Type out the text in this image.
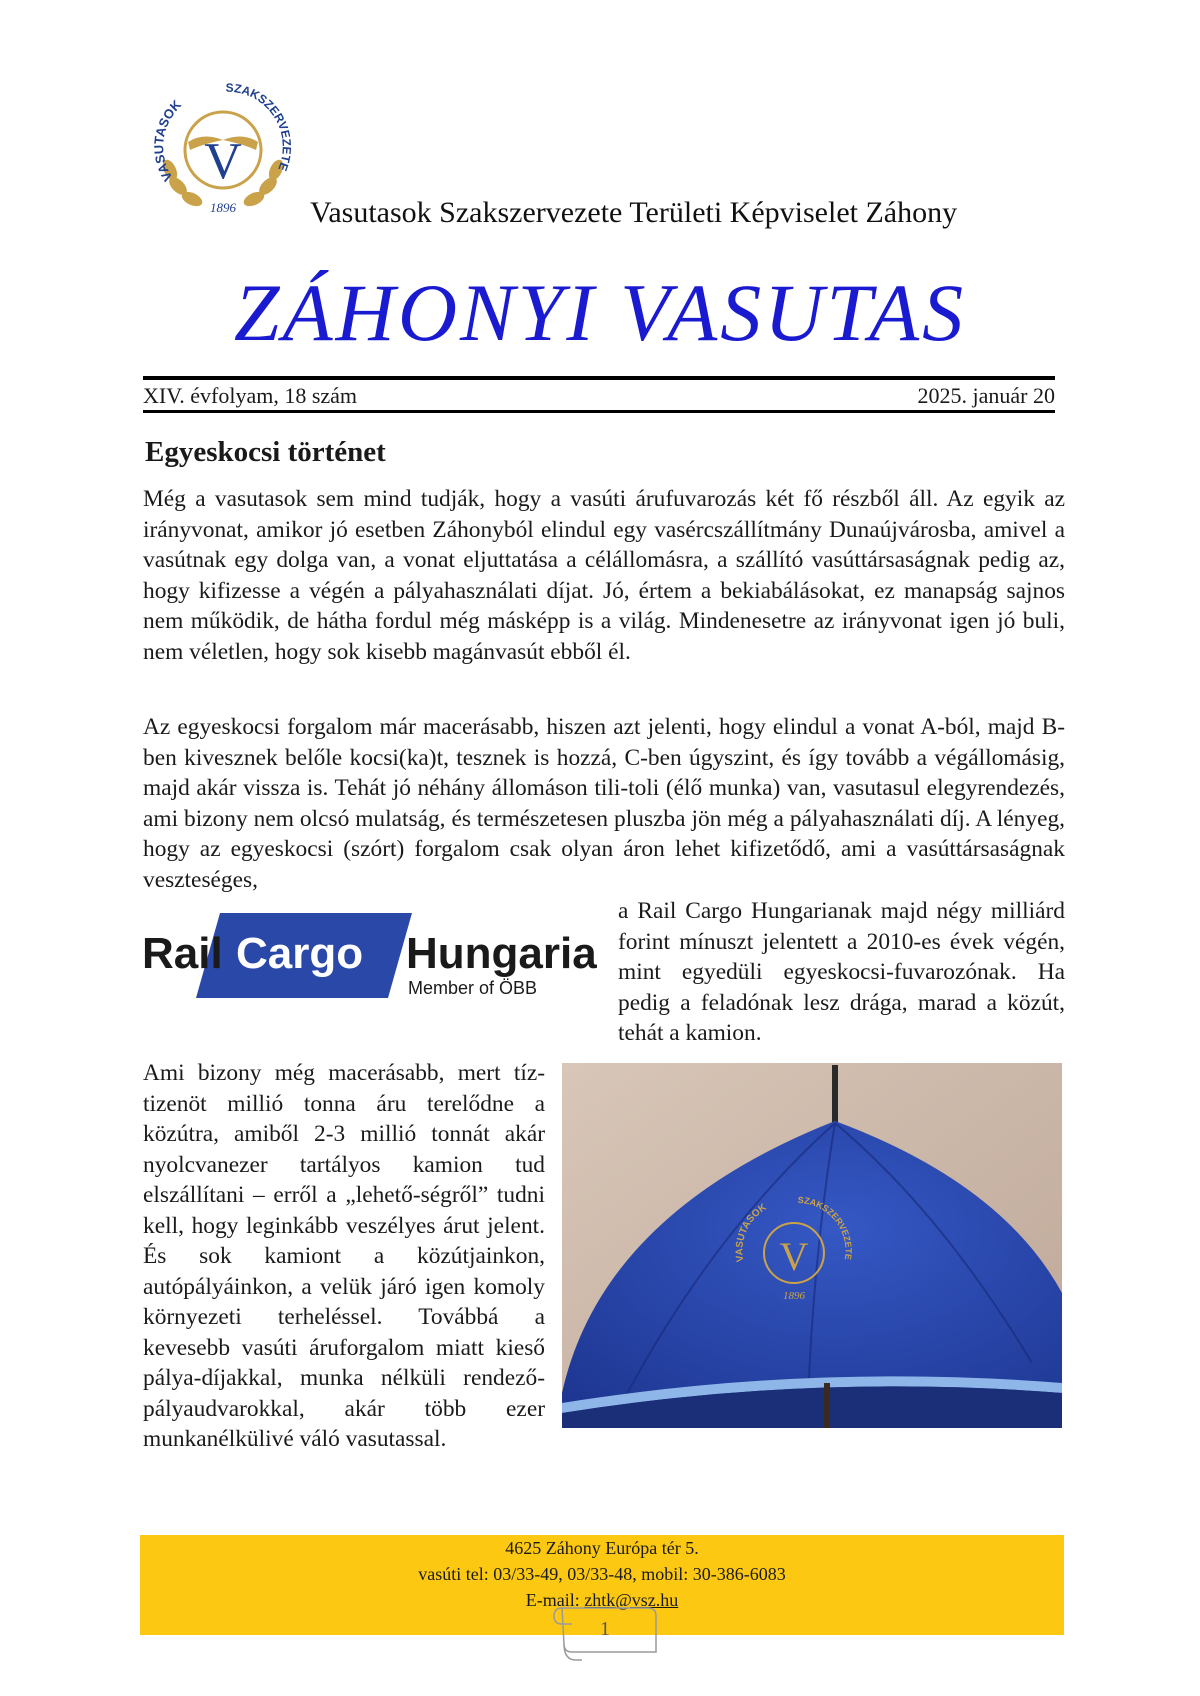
V
VASUTASOK
SZAKSZERVEZETE
1896 Vasutasok Szakszervezete Területi Képviselet Záhony
ZÁHONYI VASUTAS
XIV. évfolyam, 18 szám	2025. január 20
Egyeskocsi történet

Még a vasutasok sem mind tudják, hogy a vasúti árufuvarozás két fő részből áll. Az egyik az irányvonat, amikor jó esetben Záhonyból elindul egy vasércszállítmány Dunaújvárosba, amivel a vasútnak egy dolga van, a vonat eljuttatása a célállomásra, a szállító vasúttársaságnak pedig az, hogy kifizesse a végén a pályahasználati díjat. Jó, értem a bekiabálásokat, ez manapság sajnos nem működik, de hátha fordul még másképp is a világ. Mindenesetre az irányvonat igen jó buli, nem véletlen, hogy sok kisebb magánvasút ebből él.

Az egyeskocsi forgalom már macerásabb, hiszen azt jelenti, hogy elindul a vonat A-ból, majd B-ben kivesznek belőle kocsi(ka)t, tesznek is hozzá, C-ben úgyszint, és így tovább a végállomásig, majd akár vissza is. Tehát jó néhány állomáson tili-toli (élő munka) van, vasutasul elegyrendezés, ami bizony nem olcsó mulatság, és természetesen pluszba jön még a pályahasználati díj. A lényeg, hogy az egyeskocsi (szórt) forgalom csak olyan áron lehet kifizetődő, ami a vasúttársaságnak veszteséges,

a Rail Cargo Hungarianak majd négy milliárd forint mínuszt jelentett a 2010-es évek végén, mint egyedüli egyeskocsi-fuvarozónak. Ha pedig a feladónak lesz drága, marad a közút, tehát a kamion.

Ami bizony még macerásabb, mert tíz-tizenöt millió tonna áru terelődne a közútra, amiből 2-3 millió tonnát akár nyolcvanezer tartályos kamion tud elszállítani – erről a „lehető-ségről” tudni kell, hogy leginkább veszélyes árut jelent. És sok kamiont a közútjainkon, autópályáinkon, a velük járó igen komoly környezeti terheléssel. Továbbá a kevesebb vasúti áruforgalom miatt kieső pálya-díjakkal, munka nélküli rendező-pályaudvarokkal, akár több ezer munkanélkülivé váló vasutassal.

Rail Cargo Hungaria
Member of ÖBB
V
VASUTASOK
SZAKSZERVEZETE
1896
4625 Záhony Európa tér 5.
vasúti tel: 03/33-49, 03/33-48, mobil: 30-386-6083
E-mail: zhtk@vsz.hu
1
